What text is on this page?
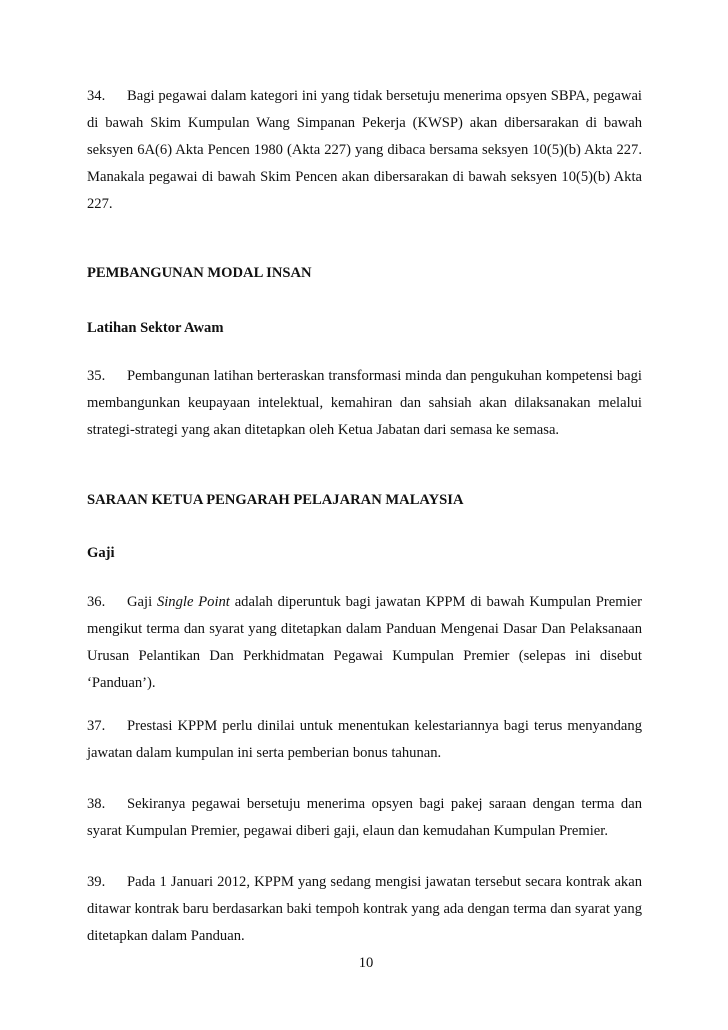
34. Bagi pegawai dalam kategori ini yang tidak bersetuju menerima opsyen SBPA, pegawai di bawah Skim Kumpulan Wang Simpanan Pekerja (KWSP) akan dibersarakan di bawah seksyen 6A(6) Akta Pencen 1980 (Akta 227) yang dibaca bersama seksyen 10(5)(b) Akta 227. Manakala pegawai di bawah Skim Pencen akan dibersarakan di bawah seksyen 10(5)(b) Akta 227.
PEMBANGUNAN MODAL INSAN
Latihan Sektor Awam
35. Pembangunan latihan berteraskan transformasi minda dan pengukuhan kompetensi bagi membangunkan keupayaan intelektual, kemahiran dan sahsiah akan dilaksanakan melalui strategi-strategi yang akan ditetapkan oleh Ketua Jabatan dari semasa ke semasa.
SARAAN KETUA PENGARAH PELAJARAN MALAYSIA
Gaji
36. Gaji Single Point adalah diperuntuk bagi jawatan KPPM di bawah Kumpulan Premier mengikut terma dan syarat yang ditetapkan dalam Panduan Mengenai Dasar Dan Pelaksanaan Urusan Pelantikan Dan Perkhidmatan Pegawai Kumpulan Premier (selepas ini disebut ‘Panduan’).
37. Prestasi KPPM perlu dinilai untuk menentukan kelestariannya bagi terus menyandang jawatan dalam kumpulan ini serta pemberian bonus tahunan.
38. Sekiranya pegawai bersetuju menerima opsyen bagi pakej saraan dengan terma dan syarat Kumpulan Premier, pegawai diberi gaji, elaun dan kemudahan Kumpulan Premier.
39. Pada 1 Januari 2012, KPPM yang sedang mengisi jawatan tersebut secara kontrak akan ditawar kontrak baru berdasarkan baki tempoh kontrak yang ada dengan terma dan syarat yang ditetapkan dalam Panduan.
10
